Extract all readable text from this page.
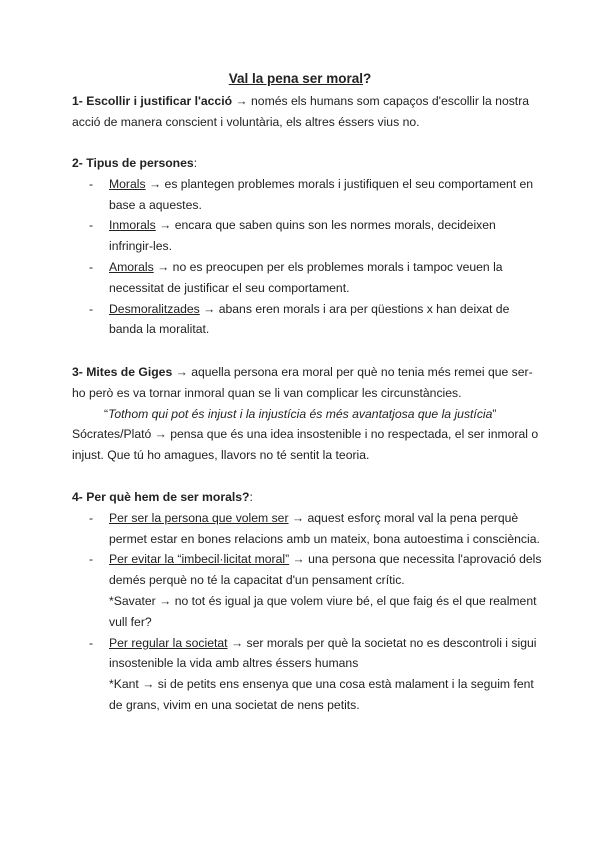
Val la pena ser moral?

1- Escollir i justificar l'acció → només els humans som capaços d'escollir la nostra acció de manera conscient i voluntària, els altres éssers vius no.

2- Tipus de persones:

- Morals → es plantegen problemes morals i justifiquen el seu comportament en base a aquestes.
- Inmorals → encara que saben quins son les normes morals, decideixen infringir-les.
- Amorals → no es preocupen per els problemes morals i tampoc veuen la necessitat de justificar el seu comportament.
- Desmoralitzades → abans eren morals i ara per qüestions x han deixat de banda la moralitat.

3- Mites de Giges → aquella persona era moral per què no tenia més remei que ser-ho però es va tornar inmoral quan se li van complicar les circunstàncies.

“Tothom qui pot és injust i la injustícia és més avantatjosa que la justícia”

Sócrates/Plató → pensa que és una idea insostenible i no respectada, el ser inmoral o injust. Que tú ho amagues, llavors no té sentit la teoria.

4- Per què hem de ser morals?:

- Per ser la persona que volem ser → aquest esforç moral val la pena perquè permet estar en bones relacions amb un mateix, bona autoestima i consciència.
- Per evitar la “imbecil·licitat moral” → una persona que necessita l'aprovació dels demés perquè no té la capacitat d'un pensament crític.
*Savater → no tot és igual ja que volem viure bé, el que faig és el que realment vull fer?
- Per regular la societat → ser morals per què la societat no es descontroli i sigui insostenible la vida amb altres éssers humans
*Kant → si de petits ens ensenya que una cosa està malament i la seguim fent de grans, vivim en una societat de nens petits.
